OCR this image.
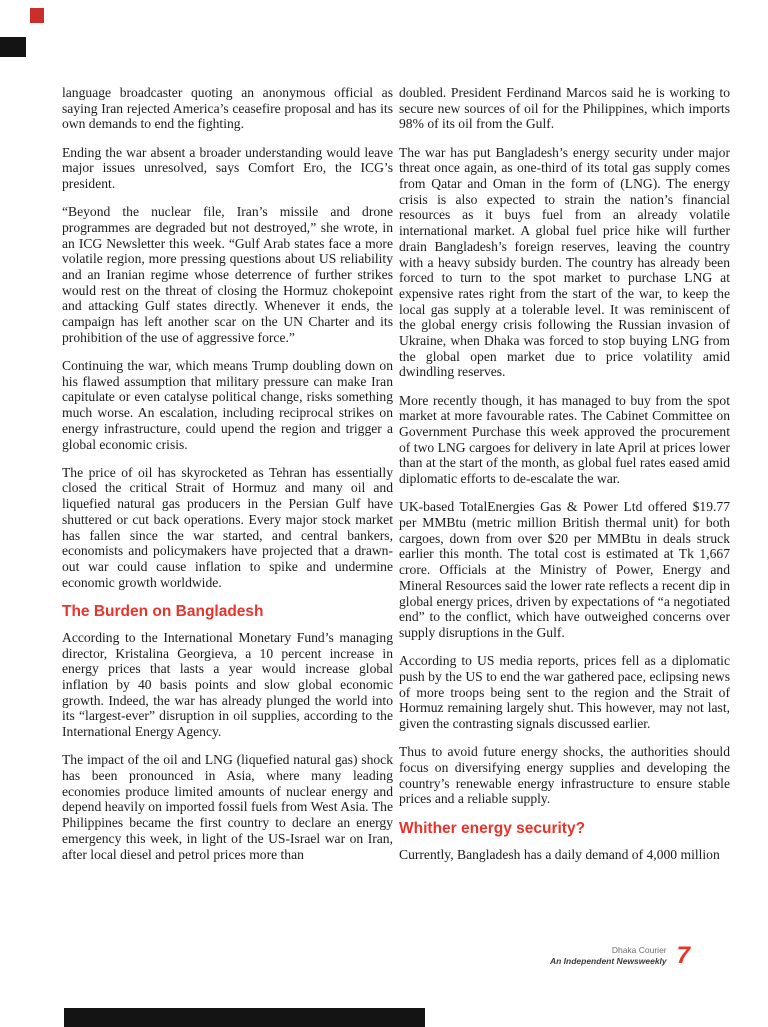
language broadcaster quoting an anonymous official as saying Iran rejected America’s ceasefire proposal and has its own demands to end the fighting.

Ending the war absent a broader understanding would leave major issues unresolved, says Comfort Ero, the ICG’s president.

“Beyond the nuclear file, Iran’s missile and drone programmes are degraded but not destroyed,” she wrote, in an ICG Newsletter this week. “Gulf Arab states face a more volatile region, more pressing questions about US reliability and an Iranian regime whose deterrence of further strikes would rest on the threat of closing the Hormuz chokepoint and attacking Gulf states directly. Whenever it ends, the campaign has left another scar on the UN Charter and its prohibition of the use of aggressive force.”

Continuing the war, which means Trump doubling down on his flawed assumption that military pressure can make Iran capitulate or even catalyse political change, risks something much worse. An escalation, including reciprocal strikes on energy infrastructure, could upend the region and trigger a global economic crisis.

The price of oil has skyrocketed as Tehran has essentially closed the critical Strait of Hormuz and many oil and liquefied natural gas producers in the Persian Gulf have shuttered or cut back operations. Every major stock market has fallen since the war started, and central bankers, economists and policymakers have projected that a drawn-out war could cause inflation to spike and undermine economic growth worldwide.

The Burden on Bangladesh

According to the International Monetary Fund’s managing director, Kristalina Georgieva, a 10 percent increase in energy prices that lasts a year would increase global inflation by 40 basis points and slow global economic growth. Indeed, the war has already plunged the world into its “largest-ever” disruption in oil supplies, according to the International Energy Agency.

The impact of the oil and LNG (liquefied natural gas) shock has been pronounced in Asia, where many leading economies produce limited amounts of nuclear energy and depend heavily on imported fossil fuels from West Asia. The Philippines became the first country to declare an energy emergency this week, in light of the US-Israel war on Iran, after local diesel and petrol prices more than

doubled. President Ferdinand Marcos said he is working to secure new sources of oil for the Philippines, which imports 98% of its oil from the Gulf.

The war has put Bangladesh’s energy security under major threat once again, as one-third of its total gas supply comes from Qatar and Oman in the form of (LNG). The energy crisis is also expected to strain the nation’s financial resources as it buys fuel from an already volatile international market. A global fuel price hike will further drain Bangladesh’s foreign reserves, leaving the country with a heavy subsidy burden. The country has already been forced to turn to the spot market to purchase LNG at expensive rates right from the start of the war, to keep the local gas supply at a tolerable level. It was reminiscent of the global energy crisis following the Russian invasion of Ukraine, when Dhaka was forced to stop buying LNG from the global open market due to price volatility amid dwindling reserves.

More recently though, it has managed to buy from the spot market at more favourable rates. The Cabinet Committee on Government Purchase this week approved the procurement of two LNG cargoes for delivery in late April at prices lower than at the start of the month, as global fuel rates eased amid diplomatic efforts to de-escalate the war.

UK-based TotalEnergies Gas & Power Ltd offered $19.77 per MMBtu (metric million British thermal unit) for both cargoes, down from over $20 per MMBtu in deals struck earlier this month. The total cost is estimated at Tk 1,667 crore. Officials at the Ministry of Power, Energy and Mineral Resources said the lower rate reflects a recent dip in global energy prices, driven by expectations of “a negotiated end” to the conflict, which have outweighed concerns over supply disruptions in the Gulf.

According to US media reports, prices fell as a diplomatic push by the US to end the war gathered pace, eclipsing news of more troops being sent to the region and the Strait of Hormuz remaining largely shut. This however, may not last, given the contrasting signals discussed earlier.

Thus to avoid future energy shocks, the authorities should focus on diversifying energy supplies and developing the country’s renewable energy infrastructure to ensure stable prices and a reliable supply.

Whither energy security?

Currently, Bangladesh has a daily demand of 4,000 million

Dhaka Courier
An Independent Newsweekly 7
